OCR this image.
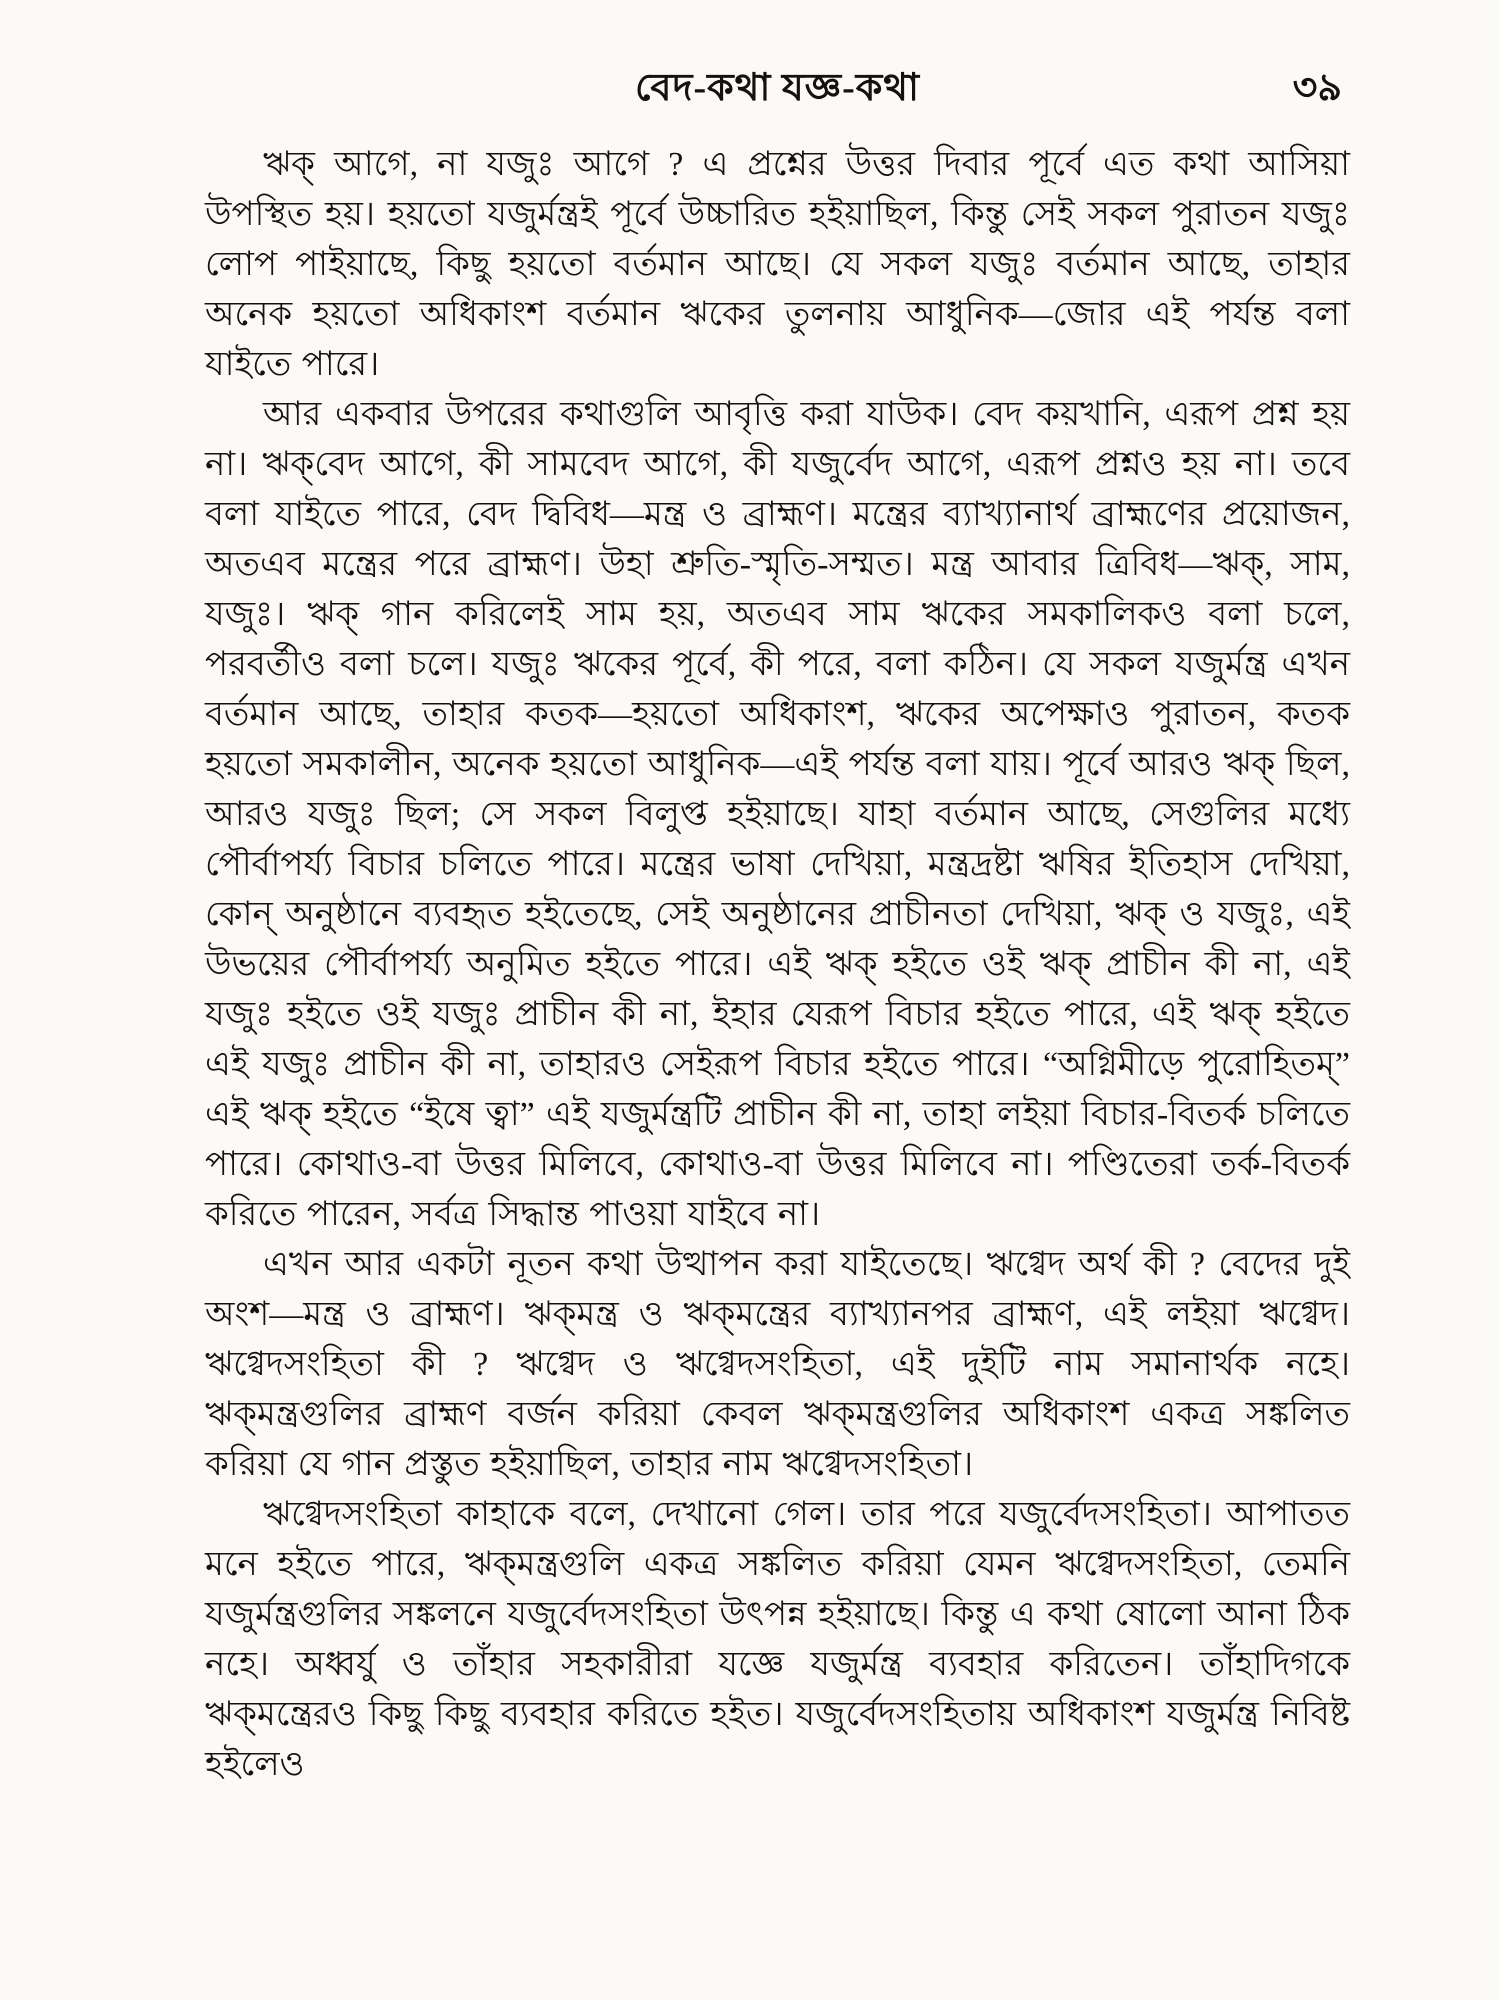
বেদ-কথা যজ্ঞ-কথা	৩৯

ঋক্ আগে, না যজুঃ আগে ? এ প্রশ্নের উত্তর দিবার পূর্বে এত কথা আসিয়া উপস্থিত হয়। হয়তো যজুর্মন্ত্রই পূর্বে উচ্চারিত হইয়াছিল, কিন্তু সেই সকল পুরাতন যজুঃ লোপ পাইয়াছে, কিছু হয়তো বর্তমান আছে। যে সকল যজুঃ বর্তমান আছে, তাহার অনেক হয়তো অধিকাংশ বর্তমান ঋকের তুলনায় আধুনিক—জোর এই পর্যন্ত বলা যাইতে পারে।

আর একবার উপরের কথাগুলি আবৃত্তি করা যাউক। বেদ কয়খানি, এরূপ প্রশ্ন হয় না। ঋক্‌বেদ আগে, কী সামবেদ আগে, কী যজুর্বেদ আগে, এরূপ প্রশ্নও হয় না। তবে বলা যাইতে পারে, বেদ দ্বিবিধ—মন্ত্র ও ব্রাহ্মণ। মন্ত্রের ব্যাখ্যানার্থ ব্রাহ্মণের প্রয়োজন, অতএব মন্ত্রের পরে ব্রাহ্মণ। উহা শ্রুতি-স্মৃতি-সম্মত। মন্ত্র আবার ত্রিবিধ—ঋক্, সাম, যজুঃ। ঋক্ গান করিলেই সাম হয়, অতএব সাম ঋকের সমকালিকও বলা চলে, পরবর্তীও বলা চলে। যজুঃ ঋকের পূর্বে, কী পরে, বলা কঠিন। যে সকল যজুর্মন্ত্র এখন বর্তমান আছে, তাহার কতক—হয়তো অধিকাংশ, ঋকের অপেক্ষাও পুরাতন, কতক হয়তো সমকালীন, অনেক হয়তো আধুনিক—এই পর্যন্ত বলা যায়। পূর্বে আরও ঋক্ ছিল, আরও যজুঃ ছিল; সে সকল বিলুপ্ত হইয়াছে। যাহা বর্তমান আছে, সেগুলির মধ্যে পৌর্বাপর্য্য বিচার চলিতে পারে। মন্ত্রের ভাষা দেখিয়া, মন্ত্রদ্রষ্টা ঋষির ইতিহাস দেখিয়া, কোন্ অনুষ্ঠানে ব্যবহৃত হইতেছে, সেই অনুষ্ঠানের প্রাচীনতা দেখিয়া, ঋক্ ও যজুঃ, এই উভয়ের পৌর্বাপর্য্য অনুমিত হইতে পারে। এই ঋক্ হইতে ওই ঋক্ প্রাচীন কী না, এই যজুঃ হইতে ওই যজুঃ প্রাচীন কী না, ইহার যেরূপ বিচার হইতে পারে, এই ঋক্ হইতে এই যজুঃ প্রাচীন কী না, তাহারও সেইরূপ বিচার হইতে পারে। “অগ্নিমীড়ে পুরোহিতম্” এই ঋক্ হইতে “ইষে ত্বা” এই যজুর্মন্ত্রটি প্রাচীন কী না, তাহা লইয়া বিচার-বিতর্ক চলিতে পারে। কোথাও-বা উত্তর মিলিবে, কোথাও-বা উত্তর মিলিবে না। পণ্ডিতেরা তর্ক-বিতর্ক করিতে পারেন, সর্বত্র সিদ্ধান্ত পাওয়া যাইবে না।

এখন আর একটা নূতন কথা উত্থাপন করা যাইতেছে। ঋগ্বেদ অর্থ কী ? বেদের দুই অংশ—মন্ত্র ও ব্রাহ্মণ। ঋক্‌মন্ত্র ও ঋক্‌মন্ত্রের ব্যাখ্যানপর ব্রাহ্মণ, এই লইয়া ঋগ্বেদ। ঋগ্বেদসংহিতা কী ? ঋগ্বেদ ও ঋগ্বেদসংহিতা, এই দুইটি নাম সমানার্থক নহে। ঋক্‌মন্ত্রগুলির ব্রাহ্মণ বর্জন করিয়া কেবল ঋক্‌মন্ত্রগুলির অধিকাংশ একত্র সঙ্কলিত করিয়া যে গান প্রস্তুত হইয়াছিল, তাহার নাম ঋগ্বেদসংহিতা।

ঋগ্বেদসংহিতা কাহাকে বলে, দেখানো গেল। তার পরে যজুর্বেদসংহিতা। আপাতত মনে হইতে পারে, ঋক্‌মন্ত্রগুলি একত্র সঙ্কলিত করিয়া যেমন ঋগ্বেদসংহিতা, তেমনি যজুর্মন্ত্রগুলির সঙ্কলনে যজুর্বেদসংহিতা উৎপন্ন হইয়াছে। কিন্তু এ কথা ষোলো আনা ঠিক নহে। অধ্বর্যু ও তাঁহার সহকারীরা যজ্ঞে যজুর্মন্ত্র ব্যবহার করিতেন। তাঁহাদিগকে ঋক্‌মন্ত্রেরও কিছু কিছু ব্যবহার করিতে হইত। যজুর্বেদসংহিতায় অধিকাংশ যজুর্মন্ত্র নিবিষ্ট হইলেও
